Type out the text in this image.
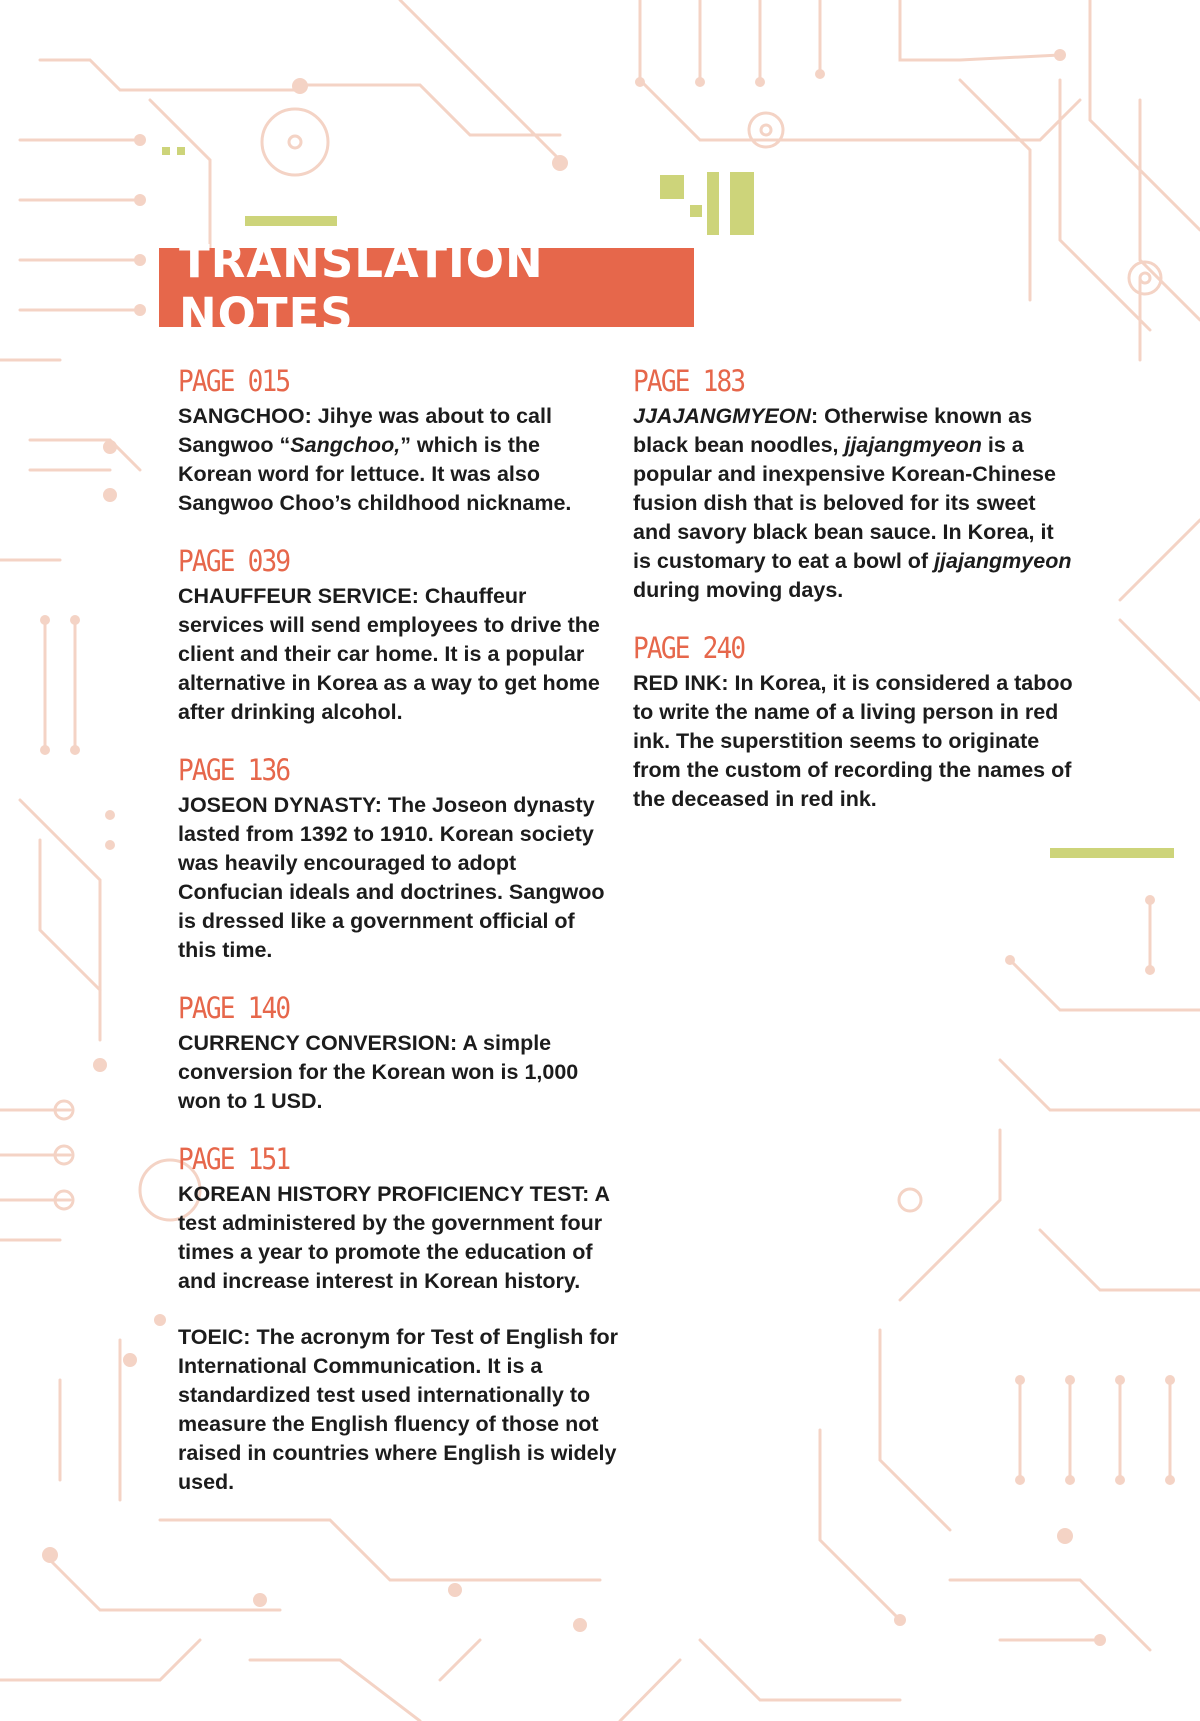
TRANSLATION NOTES
PAGE 015

SANGCHOO: Jihye was about to call Sangwoo “Sangchoo,” which is the Korean word for lettuce. It was also Sangwoo Choo’s childhood nickname.

PAGE 039

CHAUFFEUR SERVICE: Chauffeur services will send employees to drive the client and their car home. It is a popular alternative in Korea as a way to get home after drinking alcohol.

PAGE 136

JOSEON DYNASTY: The Joseon dynasty lasted from 1392 to 1910. Korean society was heavily encouraged to adopt Confucian ideals and doctrines. Sangwoo is dressed like a government official of this time.

PAGE 140

CURRENCY CONVERSION: A simple conversion for the Korean won is 1,000 won to 1 USD.

PAGE 151

KOREAN HISTORY PROFICIENCY TEST: A test administered by the government four times a year to promote the education of and increase interest in Korean history.

TOEIC: The acronym for Test of English for International Communication. It is a standardized test used internationally to measure the English fluency of those not raised in countries where English is widely used.

PAGE 183

JJAJANGMYEON: Otherwise known as black bean noodles, jjajangmyeon is a popular and inexpensive Korean-Chinese fusion dish that is beloved for its sweet and savory black bean sauce. In Korea, it is customary to eat a bowl of jjajangmyeon during moving days.

PAGE 240

RED INK: In Korea, it is considered a taboo to write the name of a living person in red ink. The superstition seems to originate from the custom of recording the names of the deceased in red ink.
